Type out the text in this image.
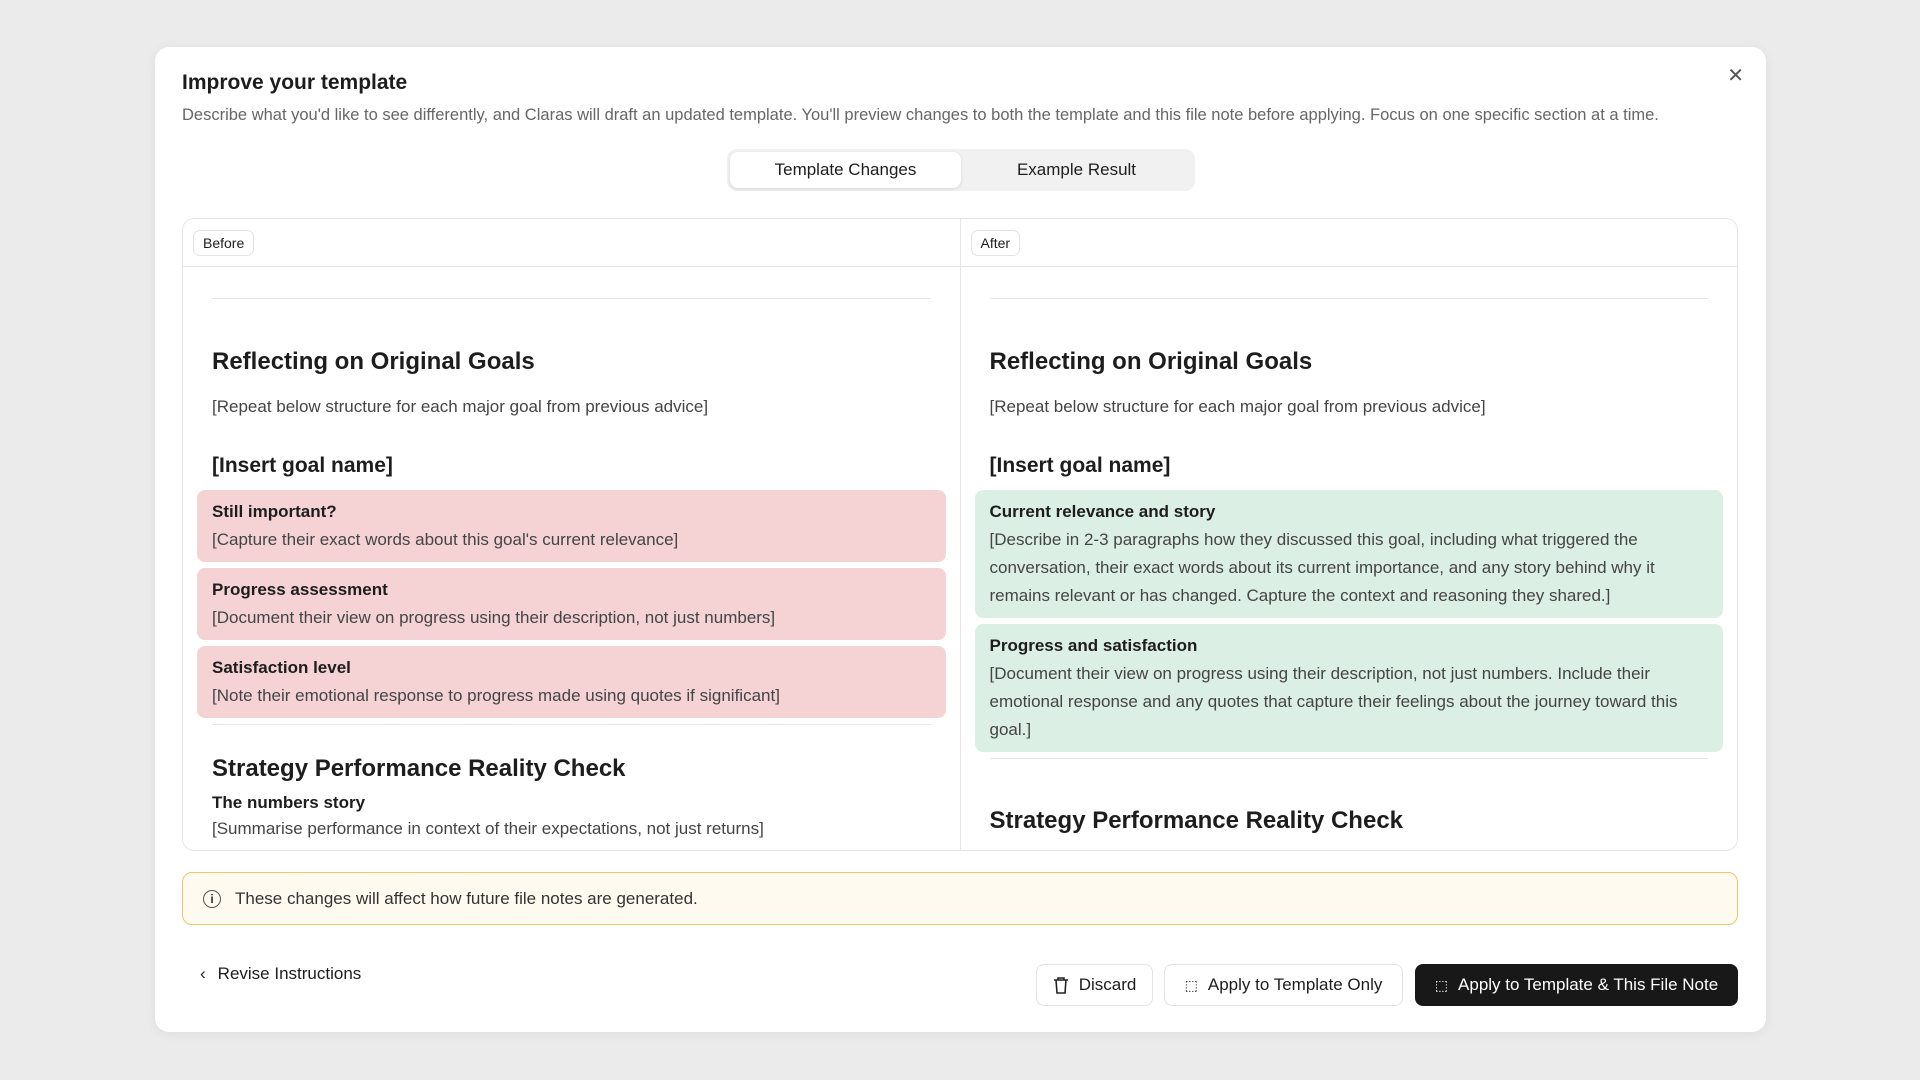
✕
Improve your template
Describe what you'd like to see differently, and Claras will draft an updated template. You'll preview changes to both the template and this file note before applying. Focus on one specific section at a time.
Template Changes	Example Result
Before
Reflecting on Original Goals
[Repeat below structure for each major goal from previous advice]
[Insert goal name]
Still important?
[Capture their exact words about this goal's current relevance]
Progress assessment
[Document their view on progress using their description, not just numbers]
Satisfaction level
[Note their emotional response to progress made using quotes if significant]
Strategy Performance Reality Check
The numbers story
[Summarise performance in context of their expectations, not just returns]
After
Reflecting on Original Goals
[Repeat below structure for each major goal from previous advice]
[Insert goal name]
Current relevance and story
[Describe in 2-3 paragraphs how they discussed this goal, including what triggered the conversation, their exact words about its current importance, and any story behind why it remains relevant or has changed. Capture the context and reasoning they shared.]
Progress and satisfaction
[Document their view on progress using their description, not just numbers. Include their emotional response and any quotes that capture their feelings about the journey toward this goal.]
Strategy Performance Reality Check
i	These changes will affect how future file notes are generated.
‹ Revise Instructions
Discard	⬚ Apply to Template Only	⬚ Apply to Template & This File Note
